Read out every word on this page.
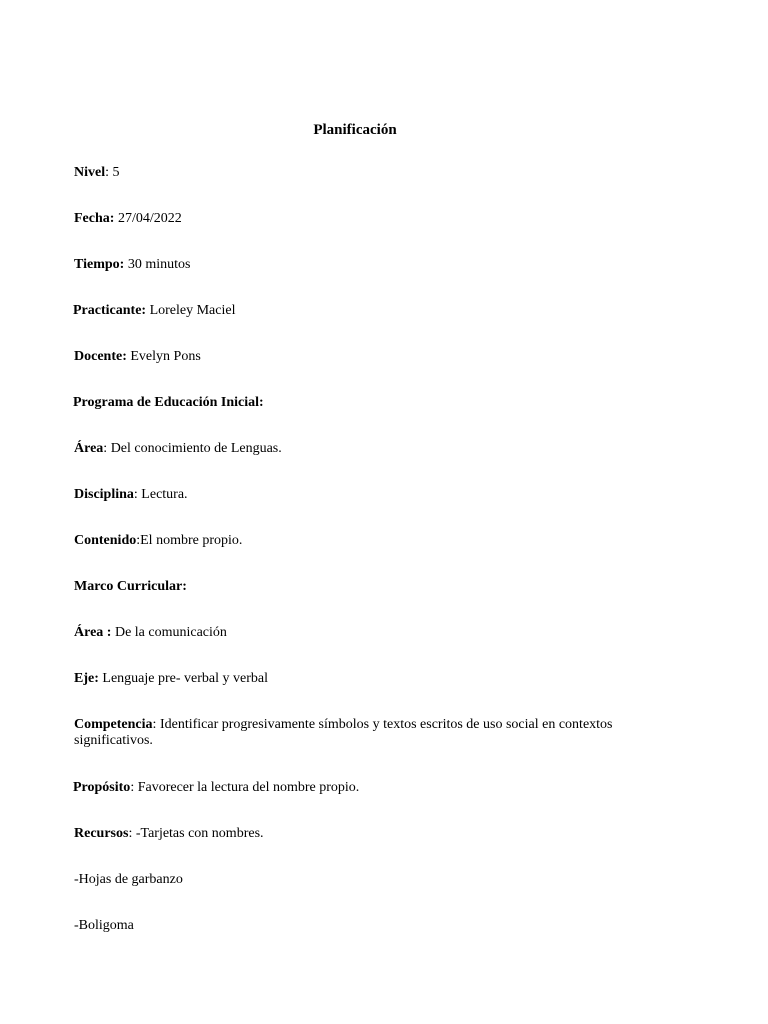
Planificación
Nivel: 5
Fecha: 27/04/2022
Tiempo: 30 minutos
Practicante: Loreley Maciel
Docente: Evelyn Pons
Programa de Educación Inicial:
Área: Del conocimiento de Lenguas.
Disciplina: Lectura.
Contenido:El nombre propio.
Marco Curricular:
Área : De la comunicación
Eje: Lenguaje pre- verbal y verbal
Competencia: Identificar progresivamente símbolos y textos escritos de uso social en contextos significativos.
Propósito: Favorecer la lectura del nombre propio.
Recursos: -Tarjetas con nombres.
-Hojas de garbanzo
-Boligoma
